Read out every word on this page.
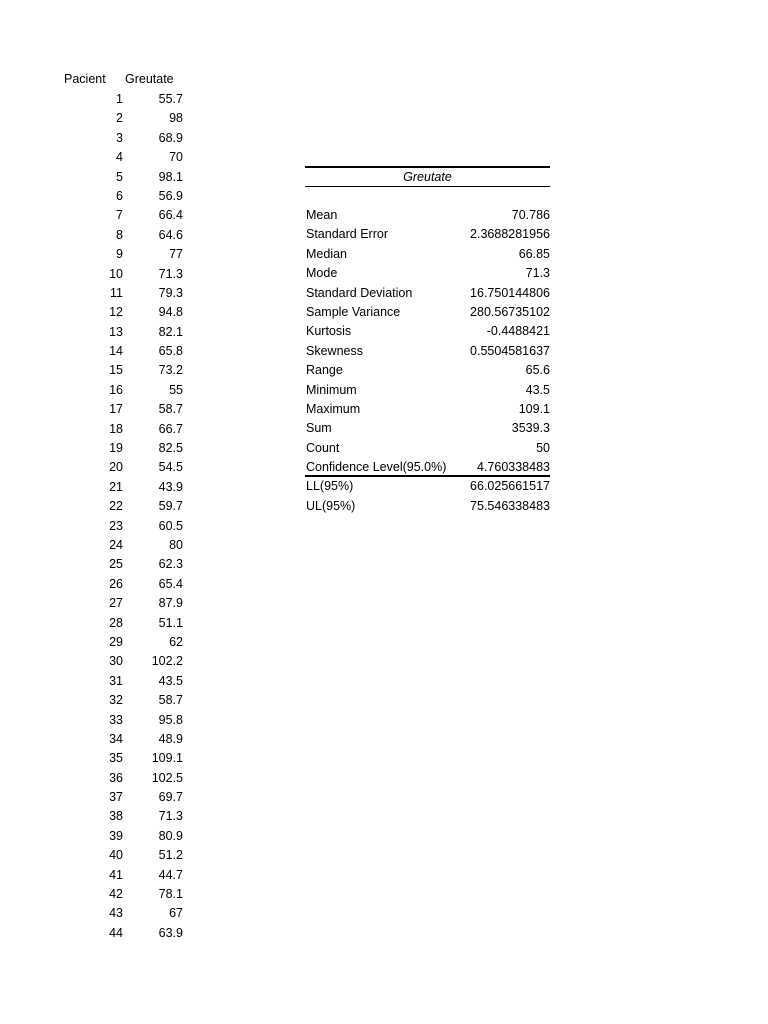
Pacient Greutate
1	55.7
2	98
3	68.9
4	70
5	98.1
6	56.9
7	66.4
8	64.6
9	77
10	71.3
11	79.3
12	94.8
13	82.1
14	65.8
15	73.2
16	55
17	58.7
18	66.7
19	82.5
20	54.5
21	43.9
22	59.7
23	60.5
24	80
25	62.3
26	65.4
27	87.9
28	51.1
29	62
30 102.2
31	43.5
32	58.7
33	95.8
34	48.9
35 109.1
36 102.5
37	69.7
38	71.3
39	80.9
40	51.2
41	44.7
42	78.1
43	67
44	63.9
Greutate
Mean	70.786
Standard Error	2.3688281956
Median	66.85
Mode	71.3
Standard Deviation	16.750144806
Sample Variance	280.56735102
Kurtosis	-0.4488421
Skewness	0.5504581637
Range	65.6
Minimum	43.5
Maximum	109.1
Sum	3539.3
Count	50
Confidence Level(95.0%) 4.760338483
LL(95%)	66.025661517
UL(95%)	75.546338483
